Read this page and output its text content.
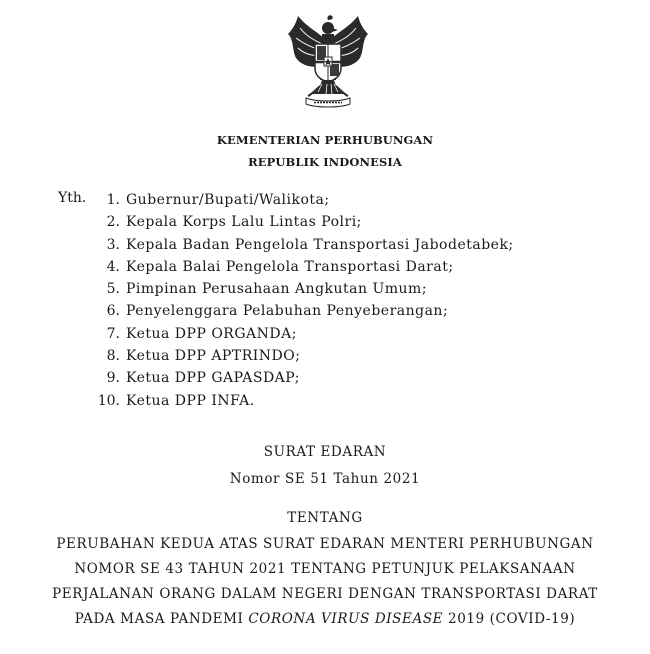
KEMENTERIAN PERHUBUNGAN
REPUBLIK INDONESIA
Yth.	1. Gubernur/Bupati/Walikota;
2. Kepala Korps Lalu Lintas Polri;
3. Kepala Badan Pengelola Transportasi Jabodetabek;
4. Kepala Balai Pengelola Transportasi Darat;
5. Pimpinan Perusahaan Angkutan Umum;
6. Penyelenggara Pelabuhan Penyeberangan;
7. Ketua DPP ORGANDA;
8. Ketua DPP APTRINDO;
9. Ketua DPP GAPASDAP;
10. Ketua DPP INFA.
SURAT EDARAN
Nomor SE 51 Tahun 2021
TENTANG
PERUBAHAN KEDUA ATAS SURAT EDARAN MENTERI PERHUBUNGAN
NOMOR SE 43 TAHUN 2021 TENTANG PETUNJUK PELAKSANAAN
PERJALANAN ORANG DALAM NEGERI DENGAN TRANSPORTASI DARAT
PADA MASA PANDEMI CORONA VIRUS DISEASE 2019 (COVID-19)
